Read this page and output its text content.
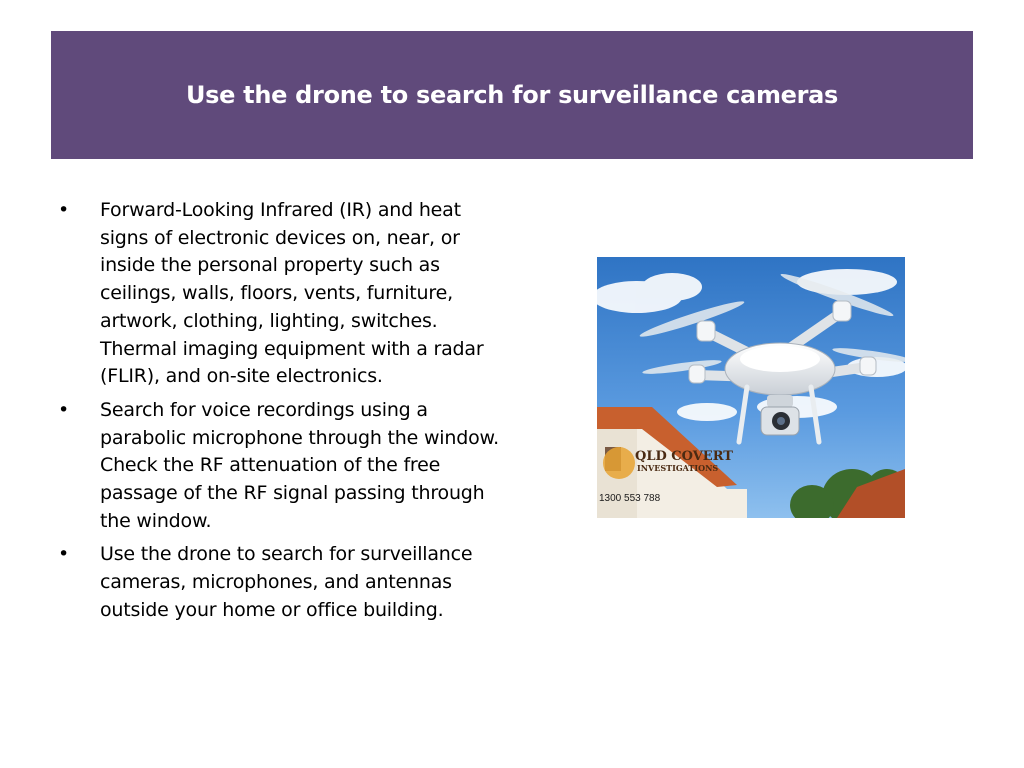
Use the drone to search for surveillance cameras
• Forward-Looking Infrared (IR) and heat signs of electronic devices on, near, or inside the personal property such as ceilings, walls, floors, vents, furniture, artwork, clothing, lighting, switches. Thermal imaging equipment with a radar (FLIR), and on-site electronics.
• Search for voice recordings using a parabolic microphone through the window. Check the RF attenuation of the free passage of the RF signal passing through the window.
• Use the drone to search for surveillance cameras, microphones, and antennas outside your home or office building.
QLD COVERT
INVESTIGATIONS
1300 553 788
